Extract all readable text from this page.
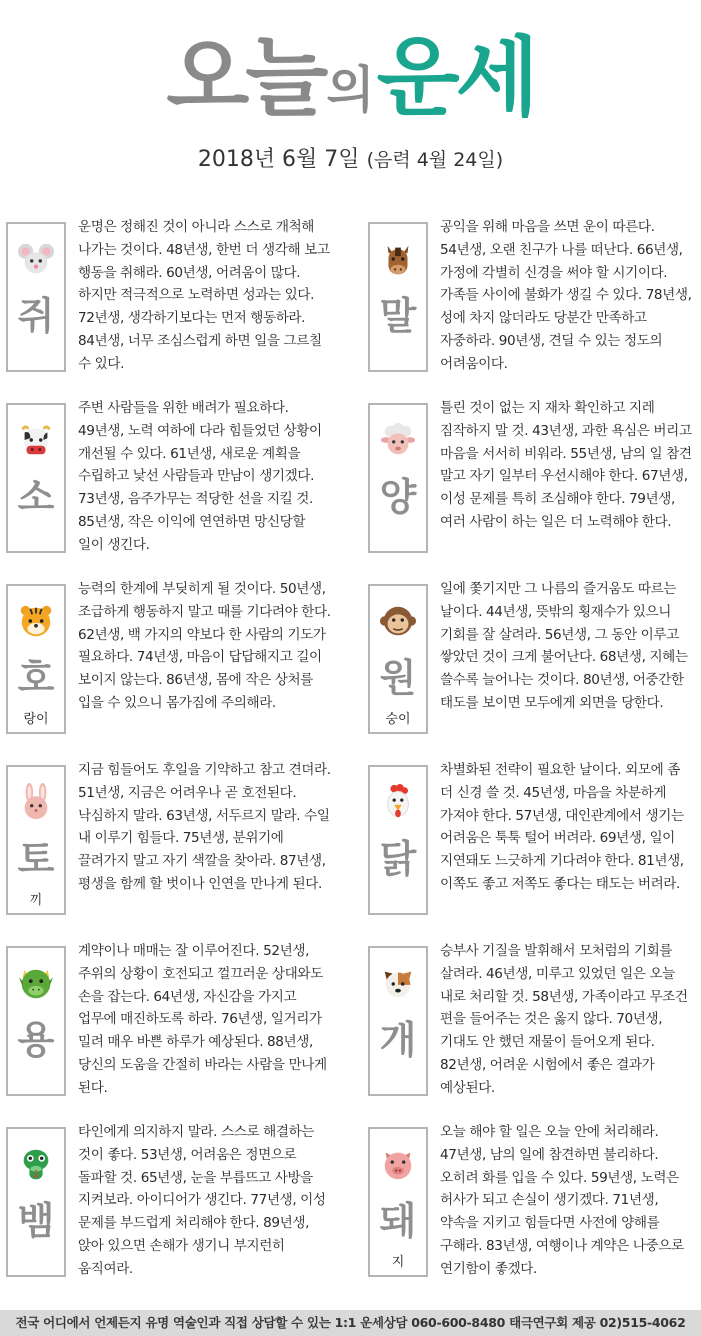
오늘의운세
2018년 6월 7일 (음력 4월 24일)
쥐
운명은 정해진 것이 아니라 스스로 개척해 나가는 것이다. 48년생, 한번 더 생각해 보고 행동을 취해라. 60년생, 어려움이 많다. 하지만 적극적으로 노력하면 성과는 있다. 72년생, 생각하기보다는 먼저 행동하라. 84년생, 너무 조심스럽게 하면 일을 그르칠 수 있다.
말
공익을 위해 마음을 쓰면 운이 따른다. 54년생, 오랜 친구가 나를 떠난다. 66년생, 가정에 각별히 신경을 써야 할 시기이다. 가족들 사이에 불화가 생길 수 있다. 78년생, 성에 차지 않더라도 당분간 만족하고 자중하라. 90년생, 견딜 수 있는 정도의 어려움이다.
소
주변 사람들을 위한 배려가 필요하다. 49년생, 노력 여하에 다라 힘들었던 상황이 개선될 수 있다. 61년생, 새로운 계획을 수립하고 낯선 사람들과 만남이 생기겠다. 73년생, 음주가무는 적당한 선을 지킬 것. 85년생, 작은 이익에 연연하면 망신당할 일이 생긴다.
양
틀린 것이 없는 지 재차 확인하고 지레 짐작하지 말 것. 43년생, 과한 욕심은 버리고 마음을 서서히 비워라. 55년생, 남의 일 참견 말고 자기 일부터 우선시해야 한다. 67년생, 이성 문제를 특히 조심해야 한다. 79년생, 여러 사람이 하는 일은 더 노력해야 한다.
호
랑이
능력의 한계에 부딪히게 될 것이다. 50년생, 조급하게 행동하지 말고 때를 기다려야 한다. 62년생, 백 가지의 약보다 한 사람의 기도가 필요하다. 74년생, 마음이 답답해지고 길이 보이지 않는다. 86년생, 몸에 작은 상처를 입을 수 있으니 몸가짐에 주의해라.
원
숭이
일에 쫓기지만 그 나름의 즐거움도 따르는 날이다. 44년생, 뜻밖의 횡재수가 있으니 기회를 잘 살려라. 56년생, 그 동안 이루고 쌓았던 것이 크게 불어난다. 68년생, 지혜는 쓸수록 늘어나는 것이다. 80년생, 어중간한 태도를 보이면 모두에게 외면을 당한다.
토
끼
지금 힘들어도 후일을 기약하고 참고 견뎌라. 51년생, 지금은 어려우나 곧 호전된다. 낙심하지 말라. 63년생, 서두르지 말라. 수일 내 이루기 힘들다. 75년생, 분위기에 끌려가지 말고 자기 색깔을 찾아라. 87년생, 평생을 함께 할 벗이나 인연을 만나게 된다.
닭
차별화된 전략이 필요한 날이다. 외모에 좀 더 신경 쓸 것. 45년생, 마음을 차분하게 가져야 한다. 57년생, 대인관계에서 생기는 어려움은 툭툭 털어 버려라. 69년생, 일이 지연돼도 느긋하게 기다려야 한다. 81년생, 이쪽도 좋고 저쪽도 좋다는 태도는 버려라.
용
계약이나 매매는 잘 이루어진다. 52년생, 주위의 상황이 호전되고 껄끄러운 상대와도 손을 잡는다. 64년생, 자신감을 가지고 업무에 매진하도록 하라. 76년생, 일거리가 밀려 매우 바쁜 하루가 예상된다. 88년생, 당신의 도움을 간절히 바라는 사람을 만나게 된다.
개
승부사 기질을 발휘해서 모처럼의 기회를 살려라. 46년생, 미루고 있었던 일은 오늘 내로 처리할 것. 58년생, 가족이라고 무조건 편을 들어주는 것은 옳지 않다. 70년생, 기대도 안 했던 재물이 들어오게 된다. 82년생, 어려운 시험에서 좋은 결과가 예상된다.
뱀
타인에게 의지하지 말라. 스스로 해결하는 것이 좋다. 53년생, 어려움은 정면으로 돌파할 것. 65년생, 눈을 부릅뜨고 사방을 지켜보라. 아이디어가 생긴다. 77년생, 이성 문제를 부드럽게 처리해야 한다. 89년생, 앉아 있으면 손해가 생기니 부지런히 움직여라.
돼
지
오늘 해야 할 일은 오늘 안에 처리해라. 47년생, 남의 일에 참견하면 불리하다. 오히려 화를 입을 수 있다. 59년생, 노력은 허사가 되고 손실이 생기겠다. 71년생, 약속을 지키고 힘들다면 사전에 양해를 구해라. 83년생, 여행이나 계약은 나중으로 연기함이 좋겠다.
전국 어디에서 언제든지 유명 역술인과 직접 상담할 수 있는 1:1 운세상담 060-600-8480 태극연구회 제공 02)515-4062
